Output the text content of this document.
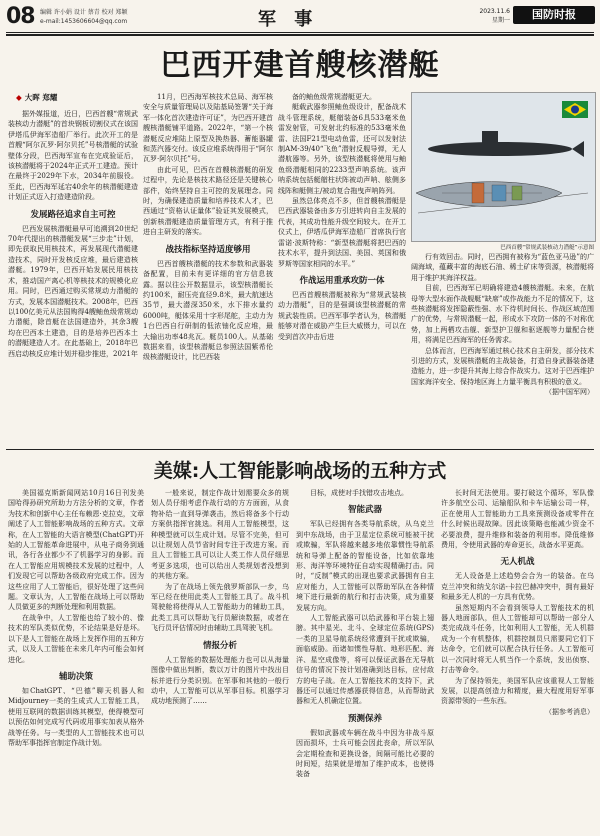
08 编辑 许小娟 设计 蔡青 校对 郑颖
e-mail:1453606604@qq.com	军 事	2023.11.6
星期一	国防时报
巴西开建首艘核潜艇
◆ 大晖 郑耀

据外媒报道，近日，巴西首艘“常规武装核动力潜艇”的首块钢板切割仪式在该国伊塔瓜伊海军造船厂举行。此次开工的是首艘“阿尔瓦罗·阿尔贝托”号核潜艇的试验壁体分段，巴西海军宣布在完成验证后，该核潜艇将于2024年正式开工建造。预计在最终于2029年下水，2034年前服役。至此，巴西海军延宕40余年的核潜艇建造计划正式迈入打造建造阶段。

发展路径追求自主可控

巴西发展核潜艇最早可追溯到20世纪70年代提出的核潜艇发展“三步走”计划，即先获取民用核技术，再发展现代潜艇建造技术，同时开发核反应堆，最后建造核潜艇。1979年，巴西开始发展民用核技术，推动国产离心机等核技术的规模化应用。同时，巴西通过购买常规动力潜艇的方式，发展本国潜艇技术。2008年，巴西以100亿美元从法国购得4艘鲉鱼级常规动力潜艇，除首艇在法国建造外，其余3艘均在巴西本土建造，目的是培养巴西本土的潜艇建造人才。在此基础上，2018年巴西启动核反应堆计划并稳步推进，2021年

11月，巴西海军核技术总局、海军核安全与质量管理局以及陆基局签署“关于海军一体化首次建造许可证”，为巴西开建首艘核潜艇铺平道路。2022年，“第一个核潜艇反应堆陆上原型及换热器、蓄能器罐和蒸汽器交付。该反应堆系统得用于“阿尔瓦罗·阿尔贝托”号。

由此可见，巴西在首艘核潜艇的研发过程中，先论是核技术路径还是关键核心部件，始终坚持自主可控的发展理念。同时，为确保建造质量和培养技术人才，巴西通过“资格认证量体”验证其发展模式，创新核潜艇建造质量管理方式，有利于推进自主研发的落实。

战技指标坚持适度够用

巴西首艘核潜艇的技术参数和武器装备配置，目前未有更详细的官方信息披露。据以往公开数据显示，该型核潜艇长约100米，耐压壳直径9.8米，最大航速达35节，最大潜深350米，水下排水量约6000吨，艇体采用十字形尾舵，主动力为1台巴西自行研制的低浓铀化反应堆，最大输出功率48兆瓦。艇员100人。从基础数据来看，该型核潜艇总参照法国紫希伦级核潜艇设计，比巴西装

备的鲉鱼级常规潜艇更大。

艇载武器参照鲉鱼级设计，配备战术战斗管理系统，艇艏装备6具533毫米鱼雷发射管，可发射北约标准的533毫米鱼雷、法国F21型电动鱼雷，还可以发射法制AM-39/40“飞鱼”潜射反舰导弹，无人潜航器等。另外，该型核潜艇将使用与鲉鱼级潜艇相同的2233型声呐系统。该声呐系统包括艇艏柱状阵被动声呐、舷侧多线阵和艇侧主/被动复合拖曳声呐阵列。

虽然总体亮点不多，但首艘核潜艇是巴西武器装备由多方引进转向自主发展的代表，其成功性能升级空间较大。在开工仪式上，伊塔瓜伊海军造船厂首席执行官雷诺·波斯特称：“新型核潜艇将把巴西的技术水平，提升到法国、美国、英国和俄罗斯等国家相同的水平。”

作战运用重承攻防一体

巴西首艘核潜艇被称为“常规武装核动力潜艇”，目的是强调该型核潜艇的常规武装性质。巴西军事学者认为，核潜艇能够对潜在威胁产生巨大威慑力，可以在受到首次冲击后进

巴西首艘“常规武装核动力潜艇”示意图

行有效回击。同时，巴西拥有被称为“蓝色亚马逊”的广阔海域，蕴藏丰富的海底石油、稀土矿床等资源，核潜艇将用于维护其海洋权益。

目前，巴西海军已明确将建造4艘核潜艇。未来，在航母等大型水面作战舰艇“缺席”或作战能力不足的情况下，这些核潜艇将发挥隐蔽性强、水下待机时间长、作战区域范围广的优势，与常规潜艇一起，形成水下攻防一体的不对称优势，加上两栖攻击舰、新型护卫舰和驱逐舰等力量配合使用，将满足巴西海军的任务需求。

总体而言，巴西海军通过核心技术自主研发，部分技术引进的方式，发展核潜艇的主战装备，打造自身武器装备建造能力，进一步提升其海上综合作战实力。这对于巴西维护国家海洋安全、保持地区海上力量平衡具有积极的意义。

（据中国军网）
美媒:人工智能影响战场的五种方式

美国福克斯新闻网站10月16日刊发美国哈得孙研究所助力方法分析的文章，作者为技术和创新中心主任布赖恩·克拉克，文章阐述了人工智能影响战场的五种方式。文章称，在人工智能的大语言模型(ChatGPT)开始的人工智能革命进展中，从电子商务到通讯，各行各业都少不了机器学习的身影。而在人工智能应用规模技术发展的过程中，人们发现它可以帮助各级政府完成工作。因为这些应用了人工智能后，很好处理了这些问题。文章认为，人工智能在战场上可以帮助人员做更多的判断处理和利用数据。

在战争中，人工智能也给了较小的、像技术的军队类似优势，不论结果是好是坏。以下是人工智能在战场上发挥作用的五种方式，以及人工智能在未来几年内可能会如何进化。

辅助决策

如ChatGPT、“巴德”聊天机器人和Midjourney一类的生成式人工智能工具，使用互联网的数据训练其模型，使得模型可以预估如何完成写代码或用事实加表从格外战等任务。与一类型的人工智能技术也可以帮助军事指挥官制定作战计划。

一般来说，制定作战计划需要众多的规划人员仔细考虑作战行动的方方面面，从食物补给一直到导弹袭击，然后将备多个行动方案供指挥官挑选。利用人工智能模型，这种模型就可以生成计划。尽管不完美，但可以让规划人员节省时间专注于改进方案。而且人工智能工具可以让人类工作人员仔细思考更多选项，也可以给出人类规划者没想到的其他方案。

为了在战场上领先俄罗斯部队一步，乌军已经在使用此类人工智能工具了。战斗机驾驶舱将使得从人工智能助力的辅助工具，此类工具可以帮助飞行员解读数据，或者在飞行员评估情况时由辅助工具驾驶飞机。

情报分析

人工智能的数据处理能力也可以从海量图像中做出判断，数以万计的图片中找出目标并进行分类识别。在军事和其他的一般行动中，人工智能可以从军事目标。机器学习成功地预测了……

目标，成使对手找错攻击地点。

智能武器

军队已经拥有各类导航系统，从乌克兰到中东战场，由于卫星定位系统可能被干扰或欺骗，军队将越来越多地依靠惯性导航系统和导弹上配备的智能设备，比如依靠地形、海洋等环境特征自动实现精确打击。同时，“反制”模式的出现也要求武器拥有自主应对能力，人工智能可以帮助军队在各种情境下进行最新的航行和打击决策，成为重要发展方向。

人工智能武器可以给武器和平台装上翅膀。其中星光、北斗、全球定位系统(GPS)一类的卫星导航系统经常遭到干扰或欺骗，面临威胁。而诸如惯性导航、地形匹配、海洋、星空成像等，将可以保证武器在无导航信号的情况下按计划准确到达目标，应付敌方的电子战。在人工智能技术的支持下，武器还可以通过传感器获得信息，从而帮助武器和无人机确定位置。

预测保养

假如武器或车辆在战斗中因为非战斗原因而损坏，士兵可能会因此丧命，所以军队会定期检查和更换设备，间隔可能比必要的时间短，结果就是增加了维护成本，也使得装备

长时间无法使用。要打破这个循环，军队像许多航空公司、运输船队和卡车运输公司一样，正在使用人工智能助力工具来预测设备或零件在什么时候出现故障。因此该策略也能减少资金不必要浪费，提升维修和装备的利用率。降低维修费用，令使用武器的寿命更长，战备水平更高。

无人机战

无人设备是上述趋势会合为一的装备。在乌克兰冲突和纳戈尔诺-卡拉巴赫冲突中，拥有最好和最多无人机的一方具有优势。

虽然短期内不会看到领导人工智能技术的机器人地面部队，但人工智能却可以帮助一部分人类完成战斗任务，比如利用人工智能，无人机群成为一个有机整体，机群控制员只需要同它们下达命令，它们就可以配合执行任务。人工智能可以一次同时将无人机当作一个系统，发出侦察、打击等命令。

为了保持领先，美国军队应该重视人工智能发展，以提高创造力和精度，最大程度用好军事资源带领的一些东西。

（据参考消息）
